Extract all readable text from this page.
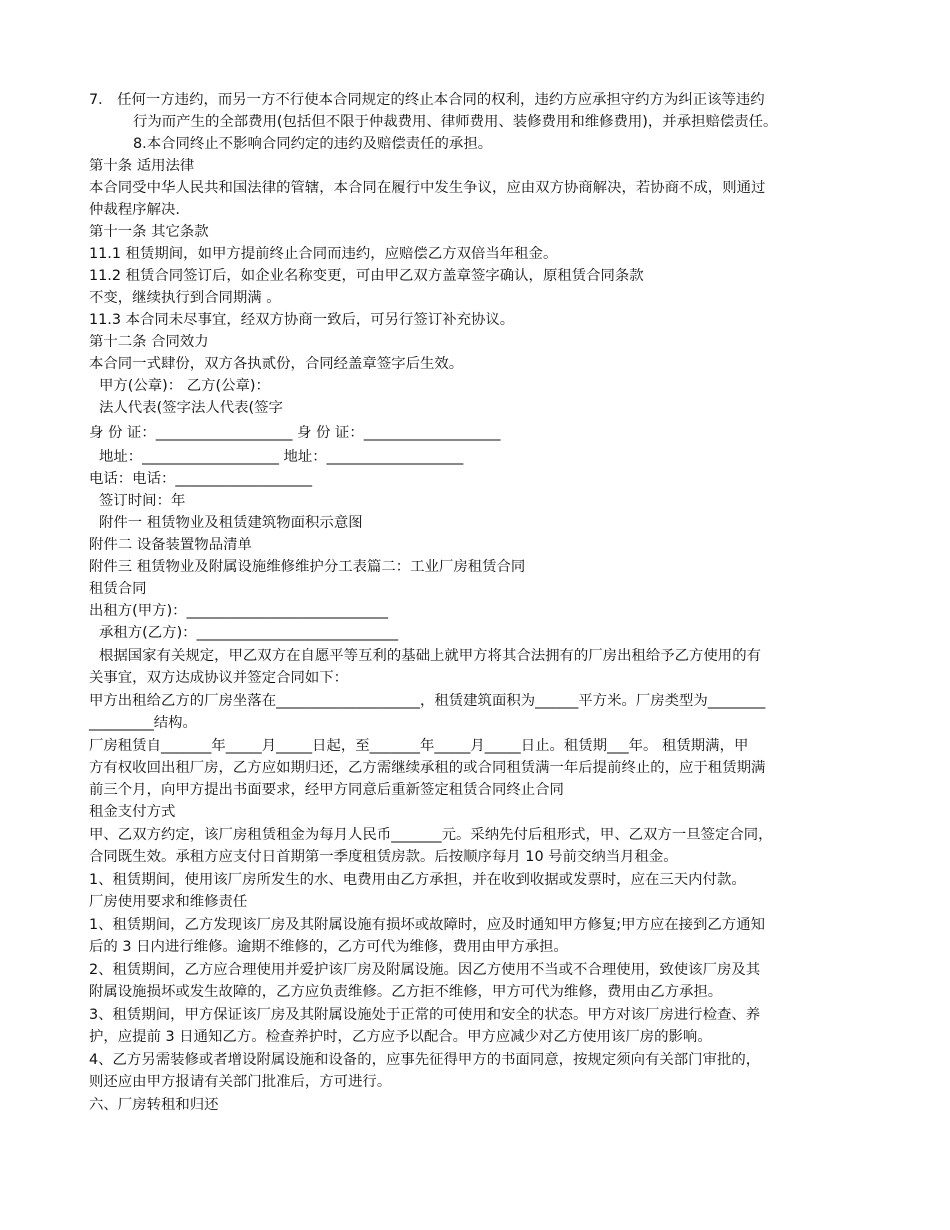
7． 任何一方违约，而另一方不行使本合同规定的终止本合同的权利，违约方应承担守约方为纠正该等违约
行为而产生的全部费用(包括但不限于仲裁费用、律师费用、装修费用和维修费用)，并承担赔偿责任。
8.本合同终止不影响合同约定的违约及赔偿责任的承担。
第十条 适用法律
本合同受中华人民共和国法律的管辖，本合同在履行中发生争议，应由双方协商解决，若协商不成，则通过
仲裁程序解决.
第十一条 其它条款
11.1 租赁期间，如甲方提前终止合同而违约，应赔偿乙方双倍当年租金。
11.2 租赁合同签订后，如企业名称变更，可由甲乙双方盖章签字确认，原租赁合同条款
不变，继续执行到合同期满 。
11.3 本合同未尽事宜，经双方协商一致后，可另行签订补充协议。
第十二条 合同效力
本合同一式肆份，双方各执贰份，合同经盖章签字后生效。
甲方(公章)： 乙方(公章)：
法人代表(签字法人代表(签字
身 份 证：___________________ 身 份 证：___________________
地址：___________________ 地址：___________________
电话：电话：___________________
签订时间：年
附件一 租赁物业及租赁建筑物面积示意图
附件二 设备装置物品清单
附件三 租赁物业及附属设施维修维护分工表篇二：工业厂房租赁合同
租赁合同
出租方(甲方)：____________________________
承租方(乙方)：____________________________
根据国家有关规定，甲乙双方在自愿平等互利的基础上就甲方将其合法拥有的厂房出租给予乙方使用的有
关事宜，双方达成协议并签定合同如下：
甲方出租给乙方的厂房坐落在____________________，租赁建筑面积为______平方米。厂房类型为________
_________结构。
厂房租赁自_______年_____月_____日起，至_______年_____月_____日止。租赁期___年。 租赁期满，甲
方有权收回出租厂房，乙方应如期归还，乙方需继续承租的或合同租赁满一年后提前终止的，应于租赁期满
前三个月，向甲方提出书面要求，经甲方同意后重新签定租赁合同终止合同
租金支付方式
甲、乙双方约定，该厂房租赁租金为每月人民币_______元。采纳先付后租形式，甲、乙双方一旦签定合同，
合同既生效。承租方应支付日首期第一季度租赁房款。后按顺序每月 10 号前交纳当月租金。
1、租赁期间，使用该厂房所发生的水、电费用由乙方承担，并在收到收据或发票时，应在三天内付款。
厂房使用要求和维修责任
1、租赁期间，乙方发现该厂房及其附属设施有损坏或故障时，应及时通知甲方修复;甲方应在接到乙方通知
后的 3 日内进行维修。逾期不维修的，乙方可代为维修，费用由甲方承担。
2、租赁期间，乙方应合理使用并爱护该厂房及附属设施。因乙方使用不当或不合理使用，致使该厂房及其
附属设施损坏或发生故障的，乙方应负责维修。乙方拒不维修，甲方可代为维修，费用由乙方承担。
3、租赁期间，甲方保证该厂房及其附属设施处于正常的可使用和安全的状态。甲方对该厂房进行检查、养
护，应提前 3 日通知乙方。检查养护时，乙方应予以配合。甲方应减少对乙方使用该厂房的影响。
4、乙方另需装修或者增设附属设施和设备的，应事先征得甲方的书面同意，按规定须向有关部门审批的，
则还应由甲方报请有关部门批准后，方可进行。
六、厂房转租和归还
